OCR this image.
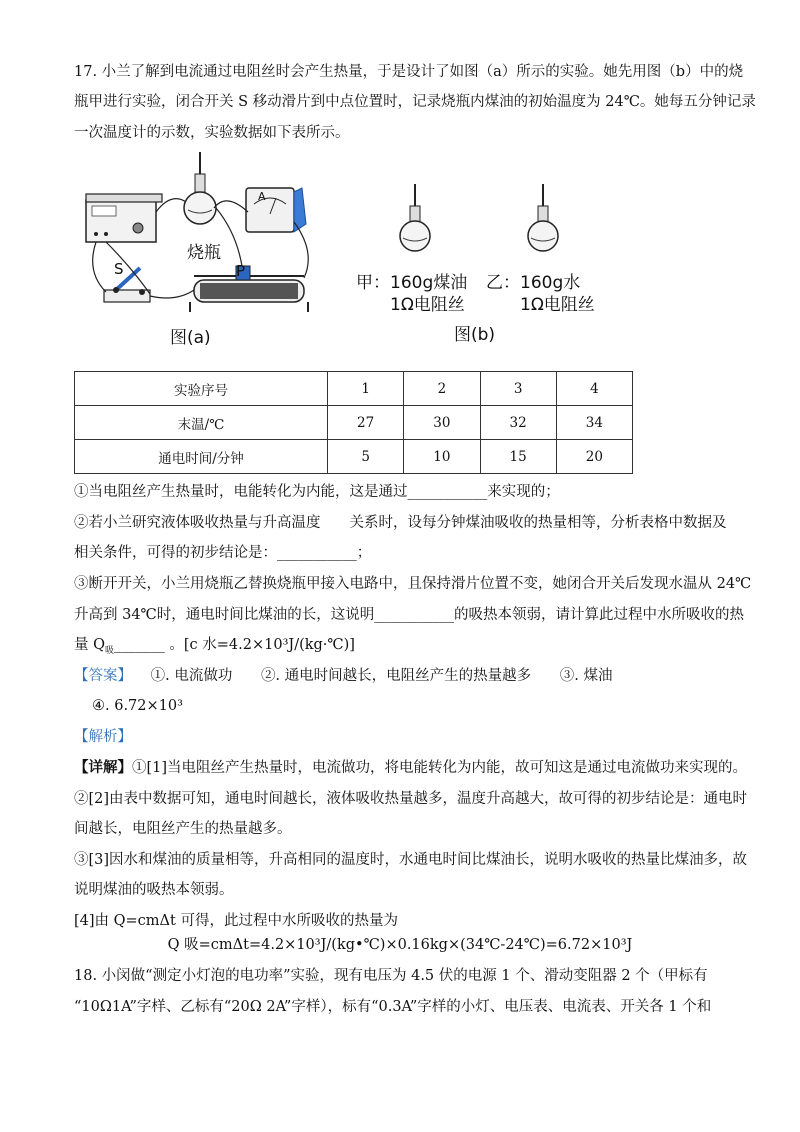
17. 小兰了解到电流通过电阻丝时会产生热量，于是设计了如图（a）所示的实验。她先用图（b）中的烧
瓶甲进行实验，闭合开关 S 移动滑片到中点位置时，记录烧瓶内煤油的初始温度为 24℃。她每五分钟记录
一次温度计的示数，实验数据如下表所示。
烧瓶
S	P
A
图(a)
甲：160g煤油
1Ω电阻丝
乙：160g水
1Ω电阻丝
图(b)
实验序号	1	2	3	4
末温/℃	27	30	32	34
通电时间/分钟	5	10	15	20
①当电阻丝产生热量时，电能转化为内能，这是通过___________来实现的；
②若小兰研究液体吸收热量与升高温度　　关系时，设每分钟煤油吸收的热量相等，分析表格中数据及
相关条件，可得的初步结论是：___________；
③断开开关，小兰用烧瓶乙替换烧瓶甲接入电路中，且保持滑片位置不变，她闭合开关后发现水温从 24℃
升高到 34℃时，通电时间比煤油的长，这说明___________的吸热本领弱，请计算此过程中水所吸收的热
量 $Q_吸\_\_\_\_\_\_\_$ 。[c 水=4.2×10³J/(kg·℃)]
【答案】 ①. 电流做功 ②. 通电时间越长，电阻丝产生的热量越多 ③. 煤油
④. 6.72×10³
【解析】
【详解】①[1]当电阻丝产生热量时，电流做功，将电能转化为内能，故可知这是通过电流做功来实现的。
②[2]由表中数据可知，通电时间越长，液体吸收热量越多，温度升高越大，故可得的初步结论是：通电时
间越长，电阻丝产生的热量越多。
③[3]因水和煤油的质量相等，升高相同的温度时，水通电时间比煤油长，说明水吸收的热量比煤油多，故
说明煤油的吸热本领弱。
[4]由 Q=cmΔt 可得，此过程中水所吸收的热量为
Q 吸=cmΔt=4.2×10³J/(kg•℃)×0.16kg×(34℃-24℃)=6.72×10³J
18. 小闵做“测定小灯泡的电功率”实验，现有电压为 4.5 伏的电源 1 个、滑动变阻器 2 个（甲标有
“10Ω1A”字样、乙标有“20Ω 2A”字样），标有“0.3A”字样的小灯、电压表、电流表、开关各 1 个和
